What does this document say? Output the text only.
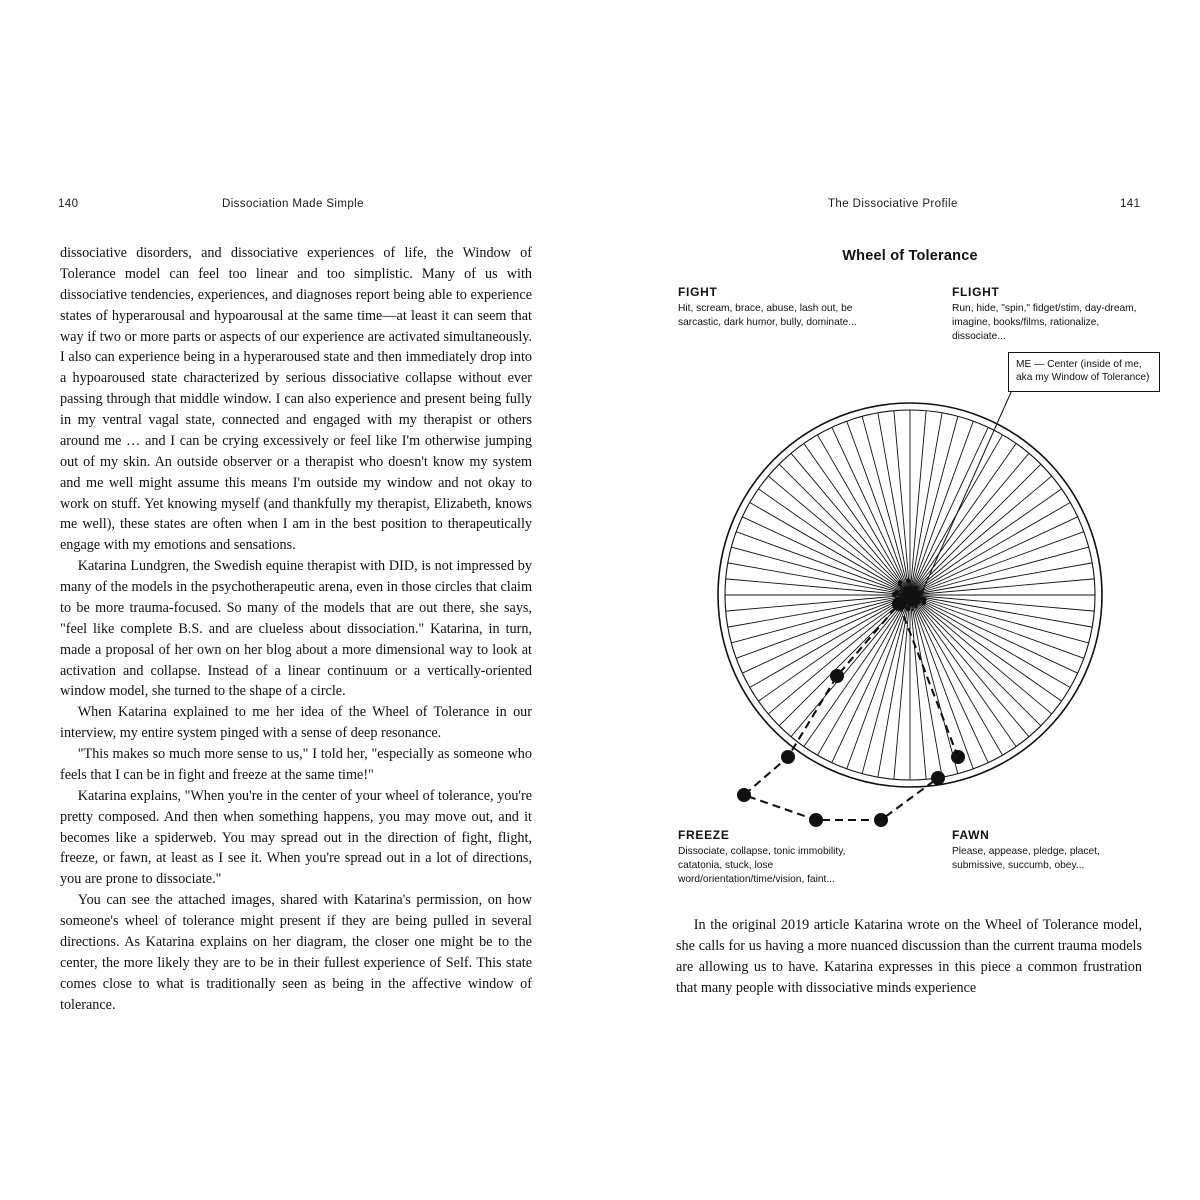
140	Dissociation Made Simple	The Dissociative Profile	141

dissociative disorders, and dissociative experiences of life, the Window of Tolerance model can feel too linear and too simplistic. Many of us with dissociative tendencies, experiences, and diagnoses report being able to experience states of hyperarousal and hypoarousal at the same time—at least it can seem that way if two or more parts or aspects of our experience are activated simultaneously. I also can experience being in a hyperaroused state and then immediately drop into a hypoaroused state characterized by serious dissociative collapse without ever passing through that middle window. I can also experience and present being fully in my ventral vagal state, connected and engaged with my therapist or others around me … and I can be crying excessively or feel like I'm otherwise jumping out of my skin. An outside observer or a therapist who doesn't know my system and me well might assume this means I'm outside my window and not okay to work on stuff. Yet knowing myself (and thankfully my therapist, Elizabeth, knows me well), these states are often when I am in the best position to therapeutically engage with my emotions and sensations.

Katarina Lundgren, the Swedish equine therapist with DID, is not impressed by many of the models in the psychotherapeutic arena, even in those circles that claim to be more trauma-focused. So many of the models that are out there, she says, "feel like complete B.S. and are clueless about dissociation." Katarina, in turn, made a proposal of her own on her blog about a more dimensional way to look at activation and collapse. Instead of a linear continuum or a vertically-oriented window model, she turned to the shape of a circle.

When Katarina explained to me her idea of the Wheel of Tolerance in our interview, my entire system pinged with a sense of deep resonance.

"This makes so much more sense to us," I told her, "especially as someone who feels that I can be in fight and freeze at the same time!"

Katarina explains, "When you're in the center of your wheel of tolerance, you're pretty composed. And then when something happens, you may move out, and it becomes like a spiderweb. You may spread out in the direction of fight, flight, freeze, or fawn, at least as I see it. When you're spread out in a lot of directions, you are prone to dissociate."

You can see the attached images, shared with Katarina's permission, on how someone's wheel of tolerance might present if they are being pulled in several directions. As Katarina explains on her diagram, the closer one might be to the center, the more likely they are to be in their fullest experience of Self. This state comes close to what is traditionally seen as being in the affective window of tolerance.

Wheel of Tolerance
ME — Center (inside of me, aka my Window of Tolerance)
FIGHT
Hit, scream, brace, abuse, lash out, be sarcastic, dark humor, bully, dominate...
FLIGHT
Run, hide, "spin," fidget/stim, day-dream, imagine, books/films, rationalize, dissociate...
FREEZE
Dissociate, collapse, tonic immobility, catatonia, stuck, lose word/orientation/time/vision, faint...
FAWN
Please, appease, pledge, placet, submissive, succumb, obey...

In the original 2019 article Katarina wrote on the Wheel of Tolerance model, she calls for us having a more nuanced discussion than the current trauma models are allowing us to have. Katarina expresses in this piece a common frustration that many people with dissociative minds experience
